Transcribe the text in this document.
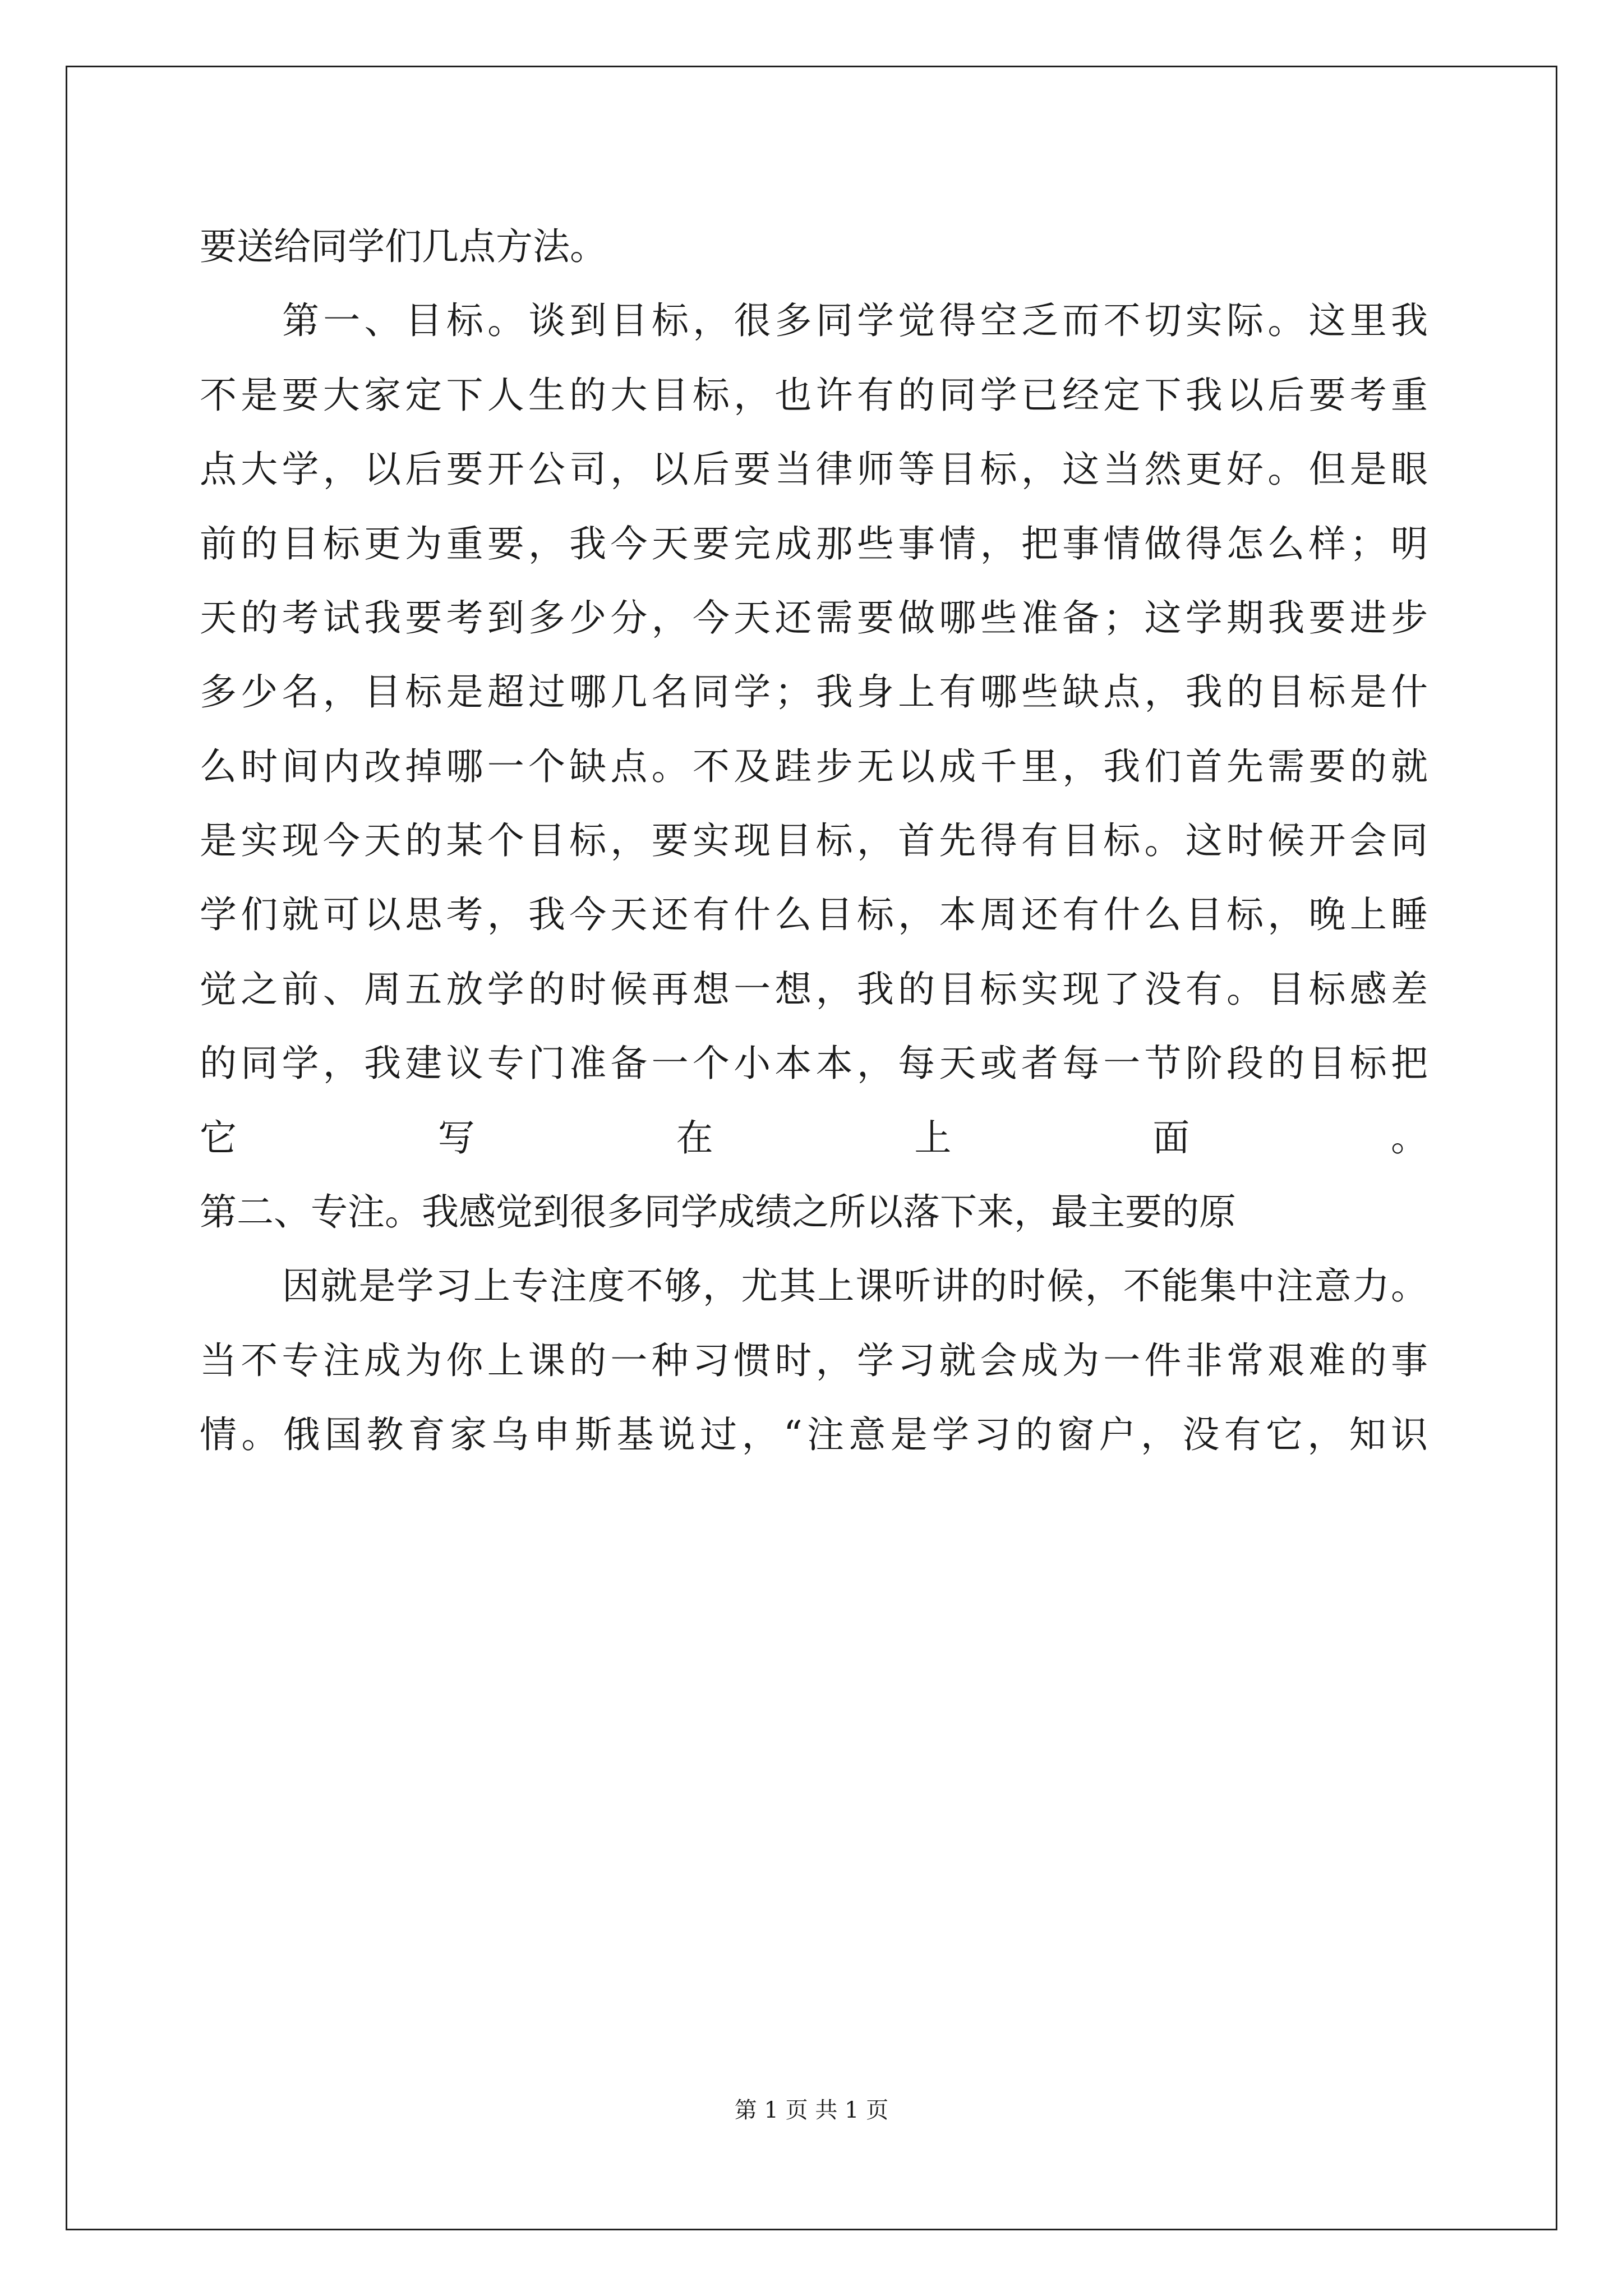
要送给同学们几点方法。
第一、目标。谈到目标，很多同学觉得空乏而不切实际。这里我
不是要大家定下人生的大目标，也许有的同学已经定下我以后要考重
点大学，以后要开公司，以后要当律师等目标，这当然更好。但是眼
前的目标更为重要，我今天要完成那些事情，把事情做得怎么样；明
天的考试我要考到多少分，今天还需要做哪些准备；这学期我要进步
多少名，目标是超过哪几名同学；我身上有哪些缺点，我的目标是什
么时间内改掉哪一个缺点。不及跬步无以成千里，我们首先需要的就
是实现今天的某个目标，要实现目标，首先得有目标。这时候开会同
学们就可以思考，我今天还有什么目标，本周还有什么目标，晚上睡
觉之前、周五放学的时候再想一想，我的目标实现了没有。目标感差
的同学，我建议专门准备一个小本本，每天或者每一节阶段的目标把
它写在上面。
第二、专注。我感觉到很多同学成绩之所以落下来，最主要的原
因就是学习上专注度不够，尤其上课听讲的时候，不能集中注意力。
当不专注成为你上课的一种习惯时，学习就会成为一件非常艰难的事
情。俄国教育家乌申斯基说过，“注意是学习的窗户，没有它，知识
第 1 页 共 1 页
